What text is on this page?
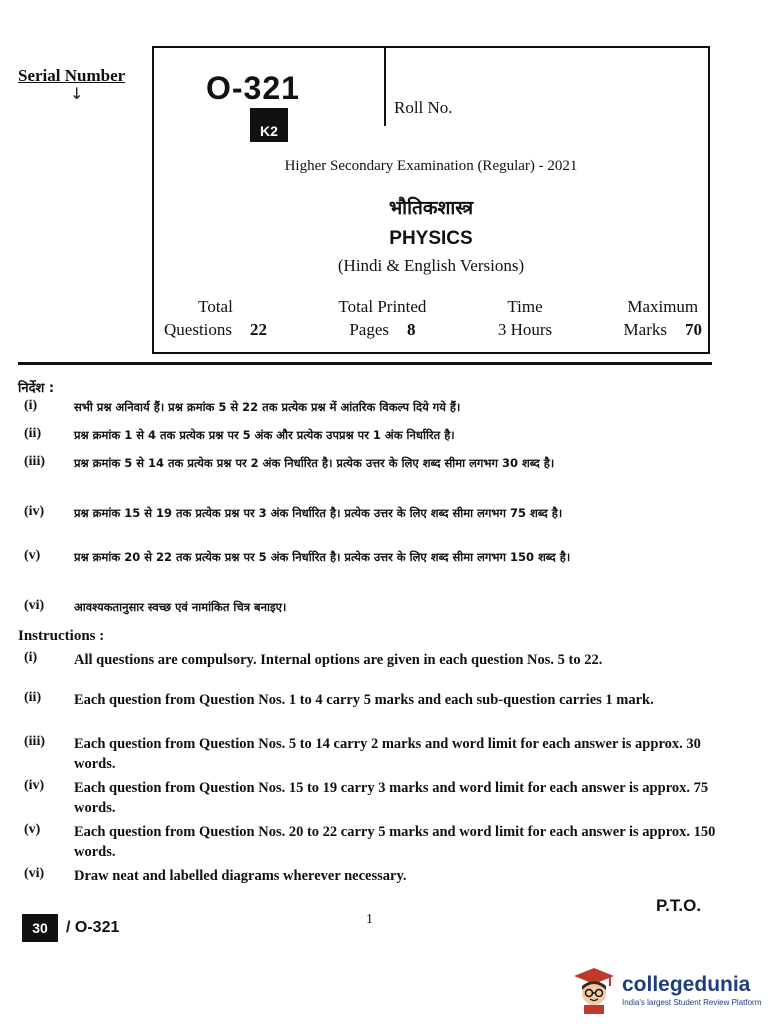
Serial Number
↓	O-321
K2
Roll No.
Higher Secondary Examination (Regular) - 2021
भौतिकशास्त्र
PHYSICS
(Hindi & English Versions)
Total
Questions 22
Total Printed
Pages 8
Time
3 Hours
Maximum
Marks 70
निर्देश :
(i)	सभी प्रश्न अनिवार्य हैं। प्रश्न क्रमांक 5 से 22 तक प्रत्येक प्रश्न में आंतरिक विकल्प दिये गये हैं।
(ii)	प्रश्न क्रमांक 1 से 4 तक प्रत्येक प्रश्न पर 5 अंक और प्रत्येक उपप्रश्न पर 1 अंक निर्धारित है।
(iii)	प्रश्न क्रमांक 5 से 14 तक प्रत्येक प्रश्न पर 2 अंक निर्धारित है। प्रत्येक उत्तर के लिए शब्द सीमा लगभग 30 शब्द है।
(iv)	प्रश्न क्रमांक 15 से 19 तक प्रत्येक प्रश्न पर 3 अंक निर्धारित है। प्रत्येक उत्तर के लिए शब्द सीमा लगभग 75 शब्द है।
(v)	प्रश्न क्रमांक 20 से 22 तक प्रत्येक प्रश्न पर 5 अंक निर्धारित है। प्रत्येक उत्तर के लिए शब्द सीमा लगभग 150 शब्द है।
(vi)	आवश्यकतानुसार स्वच्छ एवं नामांकित चित्र बनाइए।
Instructions :
(i)	All questions are compulsory. Internal options are given in each question Nos. 5 to 22.
(ii)	Each question from Question Nos. 1 to 4 carry 5 marks and each sub-question carries 1 mark.
(iii)	Each question from Question Nos. 5 to 14 carry 2 marks and word limit for each answer is approx. 30 words.
(iv)	Each question from Question Nos. 15 to 19 carry 3 marks and word limit for each answer is approx. 75 words.
(v)	Each question from Question Nos. 20 to 22 carry 5 marks and word limit for each answer is approx. 150 words.
(vi)	Draw neat and labelled diagrams wherever necessary.
P.T.O.
30	/ O-321	1
collegedunia
India's largest Student Review Platform
